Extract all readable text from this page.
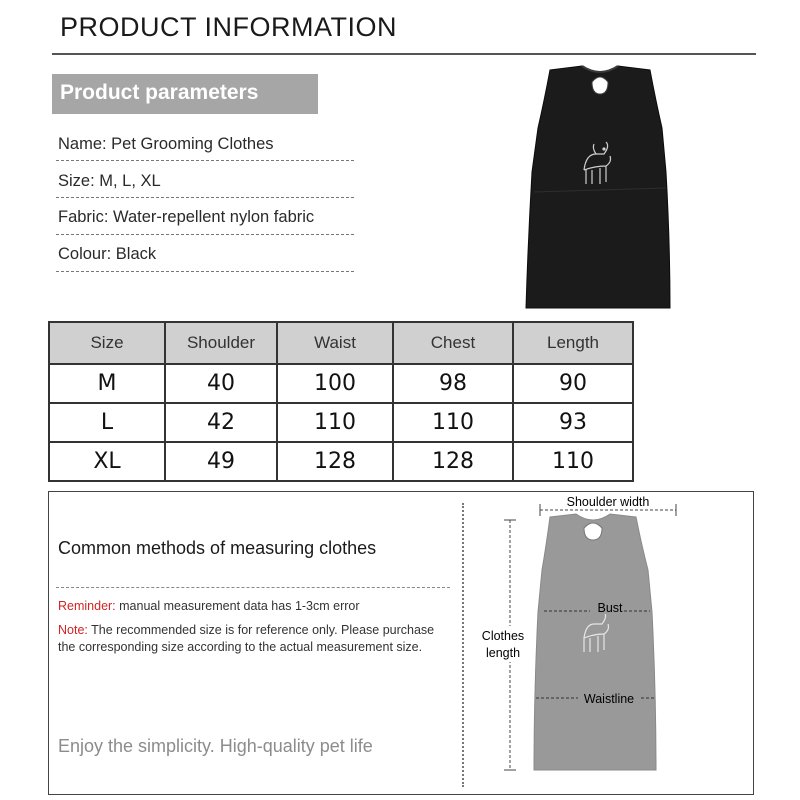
PRODUCT INFORMATION
Product parameters
Name: Pet Grooming Clothes
Size: M, L, XL
Fabric: Water-repellent nylon fabric
Colour: Black
Size	Shoulder	Waist	Chest	Length
M	40	100	98	90
L	42	110	110	93
XL	49	128	128	110
Common methods of measuring clothes
Reminder: manual measurement data has 1-3cm error
Note: The recommended size is for reference only. Please purchase the corresponding size according to the actual measurement size.
Enjoy the simplicity. High-quality pet life
Shoulder width
Bust
Clothes
length
Waistline
